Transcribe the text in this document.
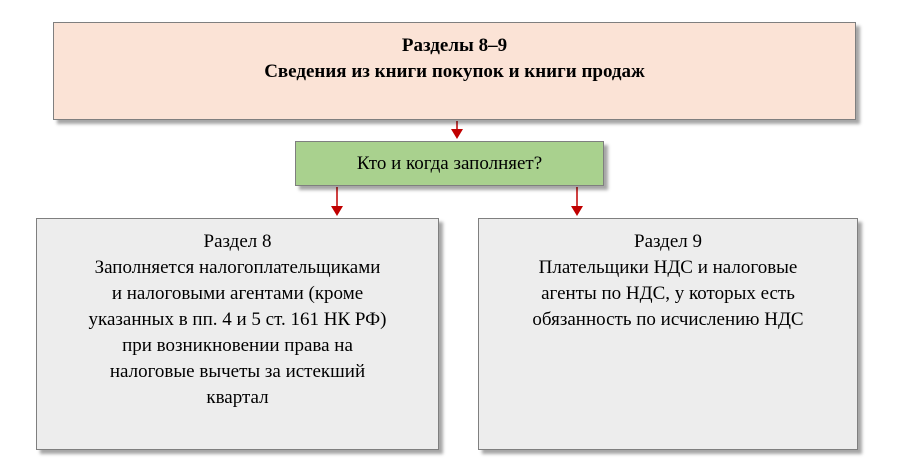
Разделы 8–9
Сведения из книги покупок и книги продаж
Кто и когда заполняет?
Раздел 8
Заполняется налогоплательщиками
и налоговыми агентами (кроме
указанных в пп. 4 и 5 ст. 161 НК РФ)
при возникновении права на
налоговые вычеты за истекший
квартал
Раздел 9
Плательщики НДС и налоговые
агенты по НДС, у которых есть
обязанность по исчислению НДС
